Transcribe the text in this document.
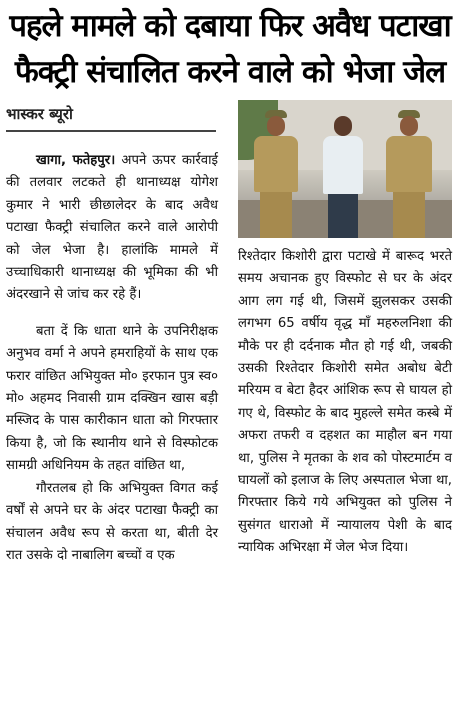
पहले मामले को दबाया फिर अवैध पटाखा
फैक्ट्री संचालित करने वाले को भेजा जेल
भास्कर ब्यूरो

खागा, फतेहपुर। अपने ऊपर कार्रवाई की तलवार लटकते ही थानाध्यक्ष योगेश कुमार ने भारी छीछालेदर के बाद अवैध पटाखा फैक्ट्री संचालित करने वाले आरोपी को जेल भेजा है। हालांकि मामले में उच्चाधिकारी थानाध्यक्ष की भूमिका की भी अंदरखाने से जांच कर रहे हैं।

बता दें कि धाता थाने के उपनिरीक्षक अनुभव वर्मा ने अपने हमराहियों के साथ एक फरार वांछित अभियुक्त मो० इरफान पुत्र स्व० मो० अहमद निवासी ग्राम दक्खिन खास बड़ी मस्जिद के पास कारीकान धाता को गिरफ्तार किया है, जो कि स्थानीय थाने से विस्फोटक सामग्री अधिनियम के तहत वांछित था,

गौरतलब हो कि अभियुक्त विगत कई वर्षों से अपने घर के अंदर पटाखा फैक्ट्री का संचालन अवैध रूप से करता था, बीती देर रात उसके दो नाबालिग बच्चों व एक

रिश्तेदार किशोरी द्वारा पटाखे में बारूद भरते समय अचानक हुए विस्फोट से घर के अंदर आग लग गई थी, जिसमें झुलसकर उसकी लगभग 65 वर्षीय वृद्ध माँ महरुलनिशा की मौके पर ही दर्दनाक मौत हो गई थी, जबकी उसकी रिश्तेदार किशोरी समेत अबोध बेटी मरियम व बेटा हैदर आंशिक रूप से घायल हो गए थे, विस्फोट के बाद मुहल्ले समेत कस्बे में अफरा तफरी व दहशत का माहौल बन गया था, पुलिस ने मृतका के शव को पोस्टमार्टम व घायलों को इलाज के लिए अस्पताल भेजा था, गिरफ्तार किये गये अभियुक्त को पुलिस ने सुसंगत धाराओ में न्यायालय पेशी के बाद न्यायिक अभिरक्षा में जेल भेज दिया।
